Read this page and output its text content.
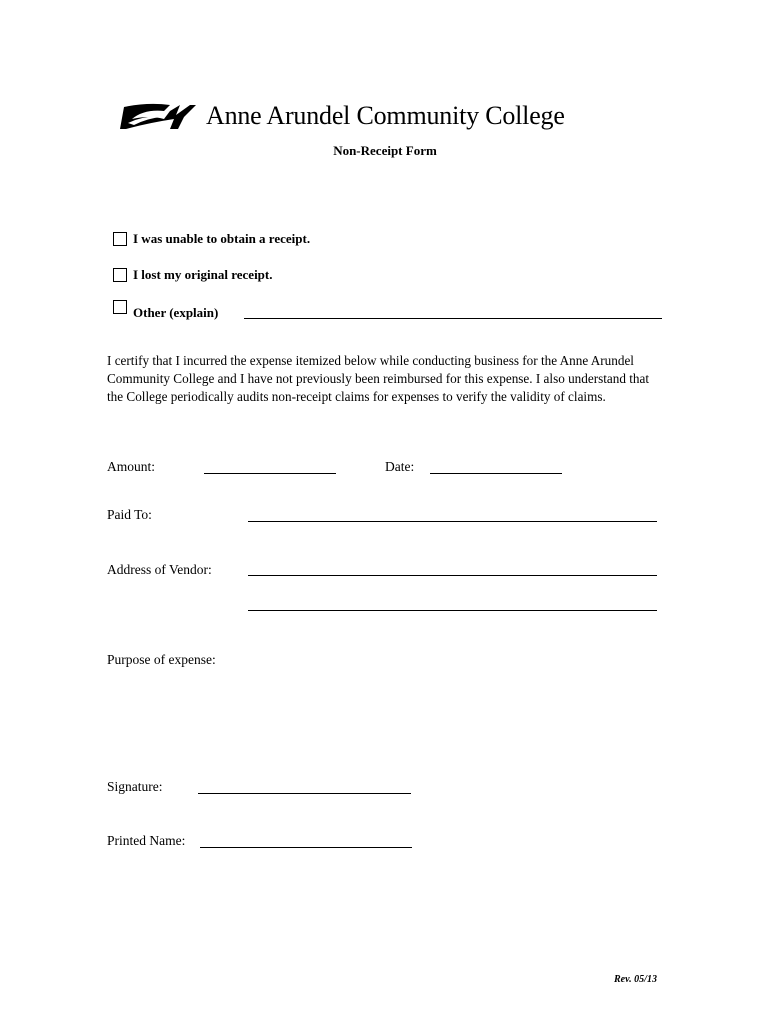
Anne Arundel Community College
Non-Receipt Form
I was unable to obtain a receipt.
I lost my original receipt.
Other (explain)
I certify that I incurred the expense itemized below while conducting business for the Anne Arundel Community College and I have not previously been reimbursed for this expense. I also understand that the College periodically audits non-receipt claims for expenses to verify the validity of claims.
Amount:	Date:
Paid To:
Address of Vendor:
Purpose of expense:
Signature:
Printed Name:
Rev. 05/13
